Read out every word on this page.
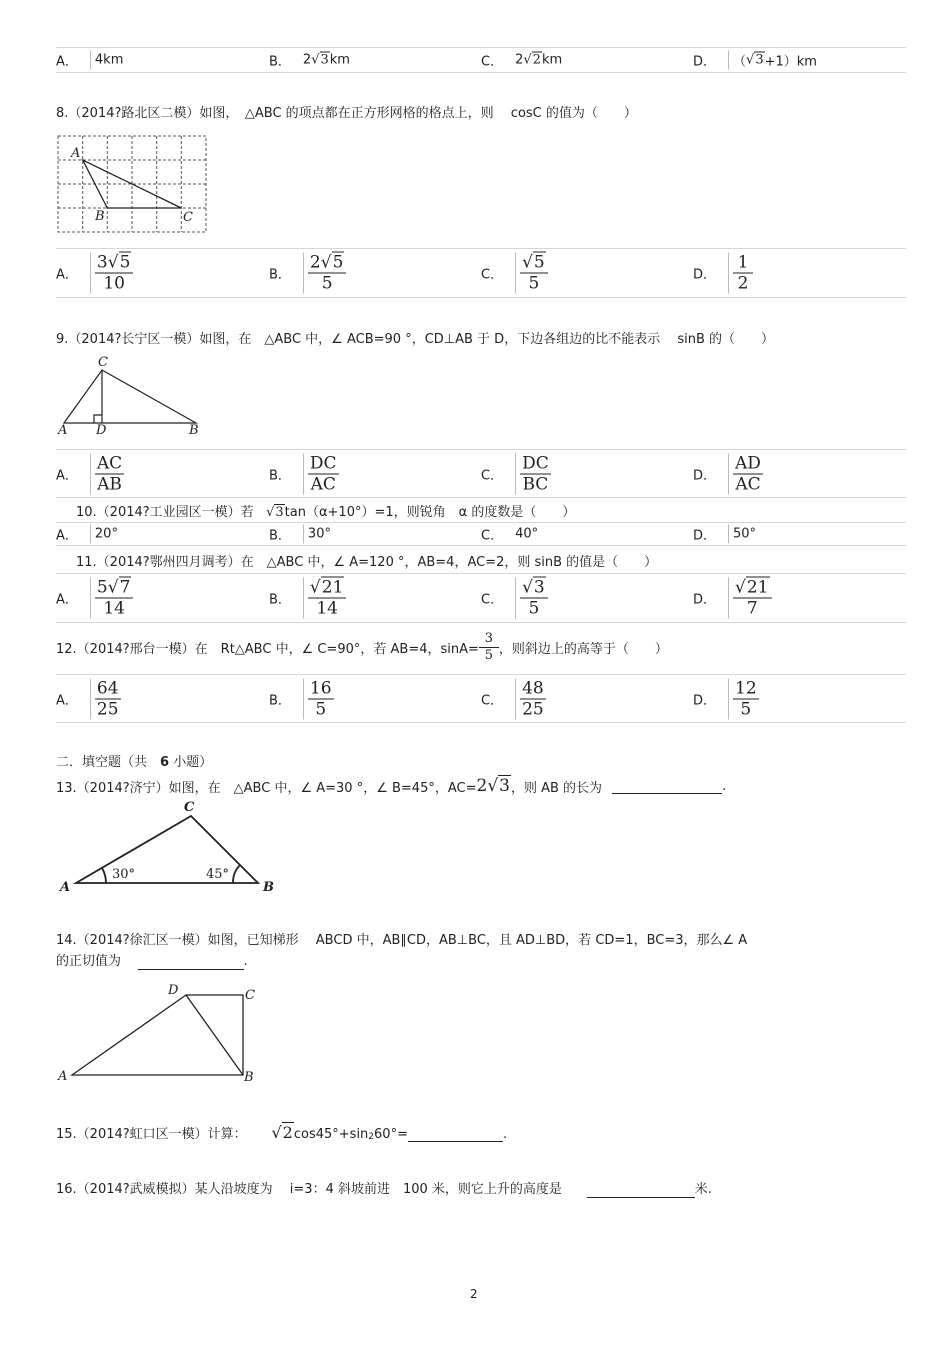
A． 4km	B． 2 √3 km	C． 2 √2 km	D． （ √3 +1）km
8.（2014?路北区二模）如图，　△ABC 的项点都在正方形网格的格点上，则　 cosC 的值为（　　）
A
B	C
A． $\frac{3√5}{10}$	B． $\frac{2√5}{5}$	C． $\frac{√5}{5}$	D． $\frac{1}{2}$
9.（2014?长宁区一模）如图，在　△ABC 中，∠ ACB=90 °，CD⊥AB 于 D，下边各组边的比不能表示　 sinB 的（　　）
C
A D	B
A． $\frac{AC}{AB}$	B． $\frac{DC}{AC}$	C． $\frac{DC}{BC}$	D． $\frac{AD}{AC}$
10.（2014?工业园区一模）若 √3tan（α+10°）=1，则锐角　α 的度数是（　　）
A． 20°	B． 30°	C． 40°	D． 50°
11.（2014?鄂州四月调考）在　△ABC 中，∠ A=120 °，AB=4，AC=2，则 sinB 的值是（　　）
A． $\frac{5√7}{14}$	B． $\frac{√21}{14}$	C． $\frac{√3}{5}$	D． $\frac{√21}{7}$
12.（2014?邢台一模）在　Rt△ABC 中，∠ C=90°，若 AB=4，$\sin A= \frac{3}{5}$ ，则斜边上的高等于（　　）
A． $\frac{64}{25}$	B． $\frac{16}{5}$	C． $\frac{48}{25}$	D． $\frac{12}{5}$
二．填空题（共　6 小题）
13.（2014?济宁）如图，在　△ABC 中，∠ A=30 °，∠ B=45°，AC= 2√3 ，则 AB 的长为
	.
C
A	B
30°	45°
14.（2014?徐汇区一模）如图，已知梯形　 ABCD 中，AB∥CD，AB⊥BC，且 AD⊥BD，若 CD=1，BC=3，那么∠ A
的正切值为	.
D	C
A	B
15.（2014?虹口区一模）计算：
√2 cos45°+sin 2 60°=
	.
16.（2014?武威模拟）某人沿坡度为　 i=3：4 斜坡前进　100 米，则它上升的高度是	米.
2
